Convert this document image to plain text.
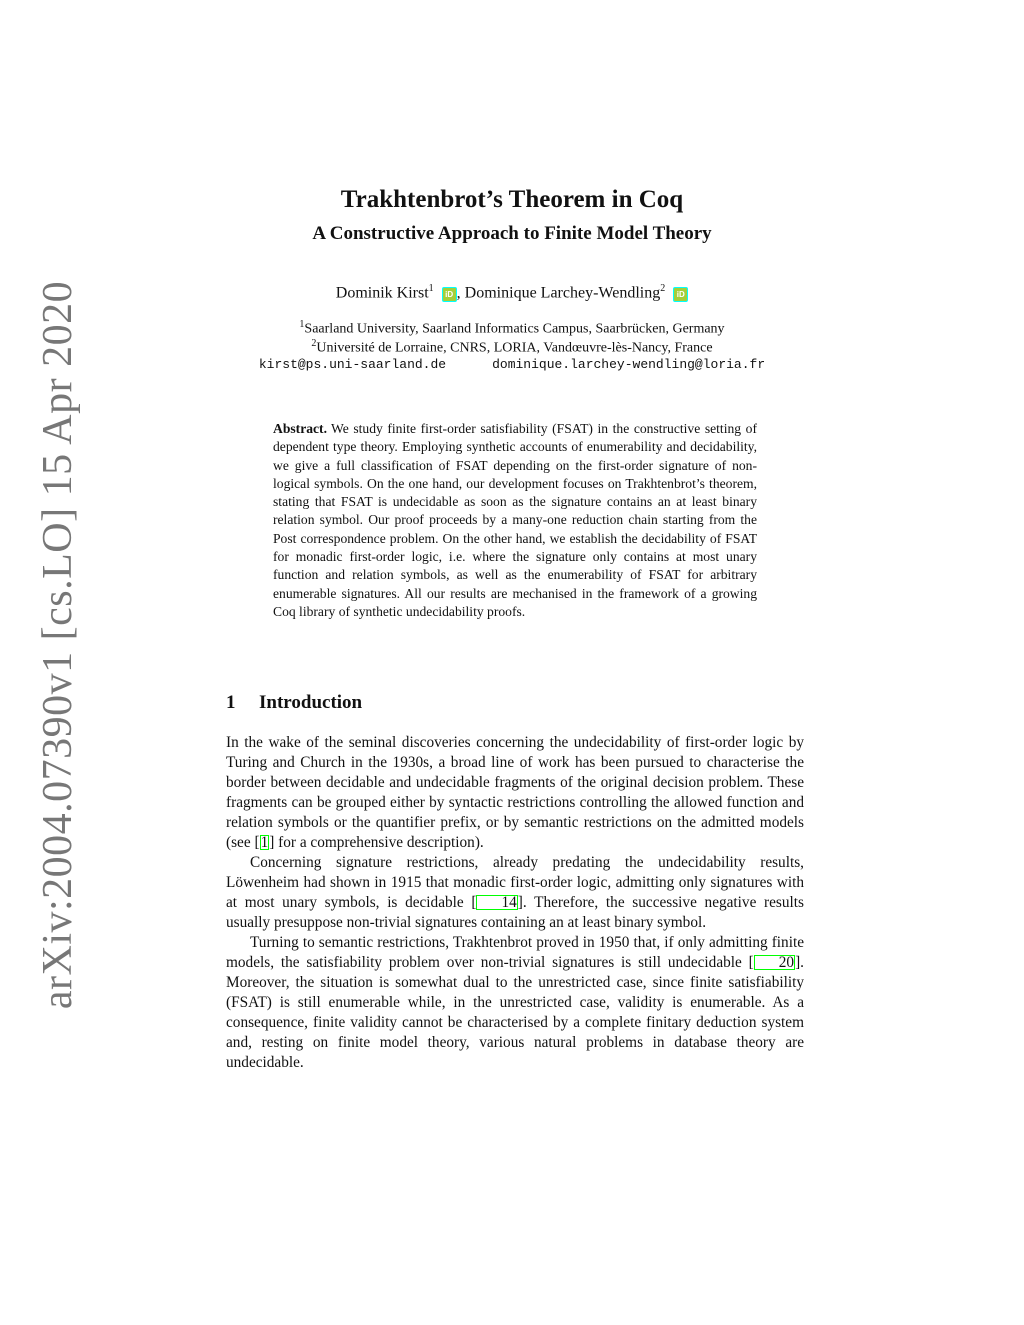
arXiv:2004.07390v1 [cs.LO] 15 Apr 2020
Trakhtenbrot’s Theorem in Coq
A Constructive Approach to Finite Model Theory
Dominik Kirst$^1$ iD , Dominique Larchey-Wendling$^2$ iD
$^1$Saarland University, Saarland Informatics Campus, Saarbrücken, Germany
$^2$Université de Lorraine, CNRS, LORIA, Vandœuvre-lès-Nancy, France
kirst@ps.uni-saarland.de	dominique.larchey-wendling@loria.fr
Abstract. We study finite first-order satisfiability (FSAT) in the constructive setting of dependent type theory. Employing synthetic accounts of enumerability and decidability, we give a full classification of FSAT depending on the first-order signature of non-logical symbols. On the one hand, our development focuses on Trakhtenbrot’s theorem, stating that FSAT is undecidable as soon as the signature contains an at least binary relation symbol. Our proof proceeds by a many-one reduction chain starting from the Post correspondence problem. On the other hand, we establish the decidability of FSAT for monadic first-order logic, i.e. where the signature only contains at most unary function and relation symbols, as well as the enumerability of FSAT for arbitrary enumerable signatures. All our results are mechanised in the framework of a growing Coq library of synthetic undecidability proofs.
1 Introduction

In the wake of the seminal discoveries concerning the undecidability of first-order logic by Turing and Church in the 1930s, a broad line of work has been pursued to characterise the border between decidable and undecidable fragments of the original decision problem. These fragments can be grouped either by syntactic restrictions controlling the allowed function and relation symbols or the quantifier prefix, or by semantic restrictions on the admitted models (see [1] for a comprehensive description).

Concerning signature restrictions, already predating the undecidability results, Löwenheim had shown in 1915 that monadic first-order logic, admitting only signatures with at most unary symbols, is decidable [ 14]. Therefore, the successive negative results usually presuppose non-trivial signatures containing an at least binary symbol.

Turning to semantic restrictions, Trakhtenbrot proved in 1950 that, if only admitting finite models, the satisfiability problem over non-trivial signatures is still undecidable [ 20]. Moreover, the situation is somewhat dual to the unrestricted case, since finite satisfiability (FSAT) is still enumerable while, in the unrestricted case, validity is enumerable. As a consequence, finite validity cannot be characterised by a complete finitary deduction system and, resting on finite model theory, various natural problems in database theory are undecidable.
